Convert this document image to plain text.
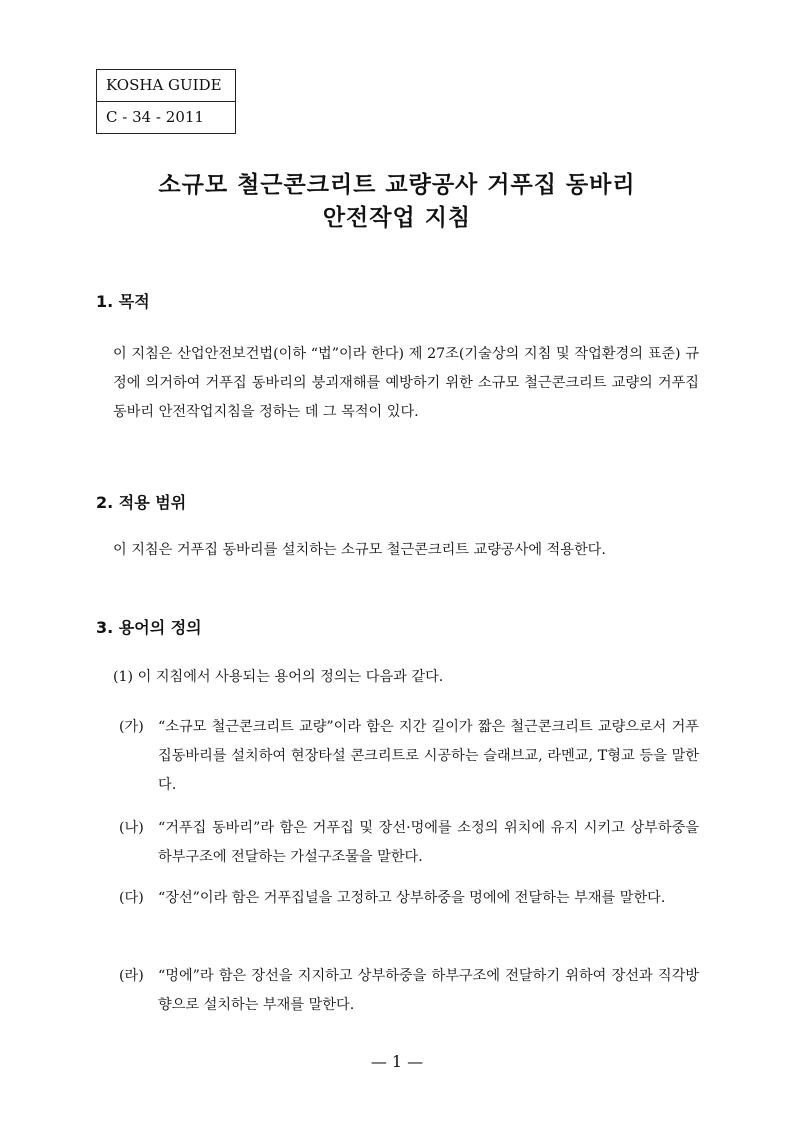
KOSHA GUIDE
C - 34 - 2011
소규모 철근콘크리트 교량공사 거푸집 동바리
안전작업 지침
1. 목적
이 지침은 산업안전보건법(이하 “법”이라 한다) 제 27조(기술상의 지침 및 작업환경의 표준) 규정에 의거하여 거푸집 동바리의 붕괴재해를 예방하기 위한 소규모 철근콘크리트 교량의 거푸집 동바리 안전작업지침을 정하는 데 그 목적이 있다.
2. 적용 범위
이 지침은 거푸집 동바리를 설치하는 소규모 철근콘크리트 교량공사에 적용한다.
3. 용어의 정의
(1) 이 지침에서 사용되는 용어의 정의는 다음과 같다.
(가)	“소규모 철근콘크리트 교량”이라 함은 지간 길이가 짧은 철근콘크리트 교량으로서 거푸집동바리를 설치하여 현장타설 콘크리트로 시공하는 슬래브교, 라멘교, T형교 등을 말한다.
(나)	“거푸집 동바리”라 함은 거푸집 및 장선·멍에를 소정의 위치에 유지 시키고 상부하중을 하부구조에 전달하는 가설구조물을 말한다.
(다)	“장선”이라 함은 거푸집널을 고정하고 상부하중을 멍에에 전달하는 부재를 말한다.
(라)	“멍에”라 함은 장선을 지지하고 상부하중을 하부구조에 전달하기 위하여 장선과 직각방향으로 설치하는 부재를 말한다.
— 1 —
